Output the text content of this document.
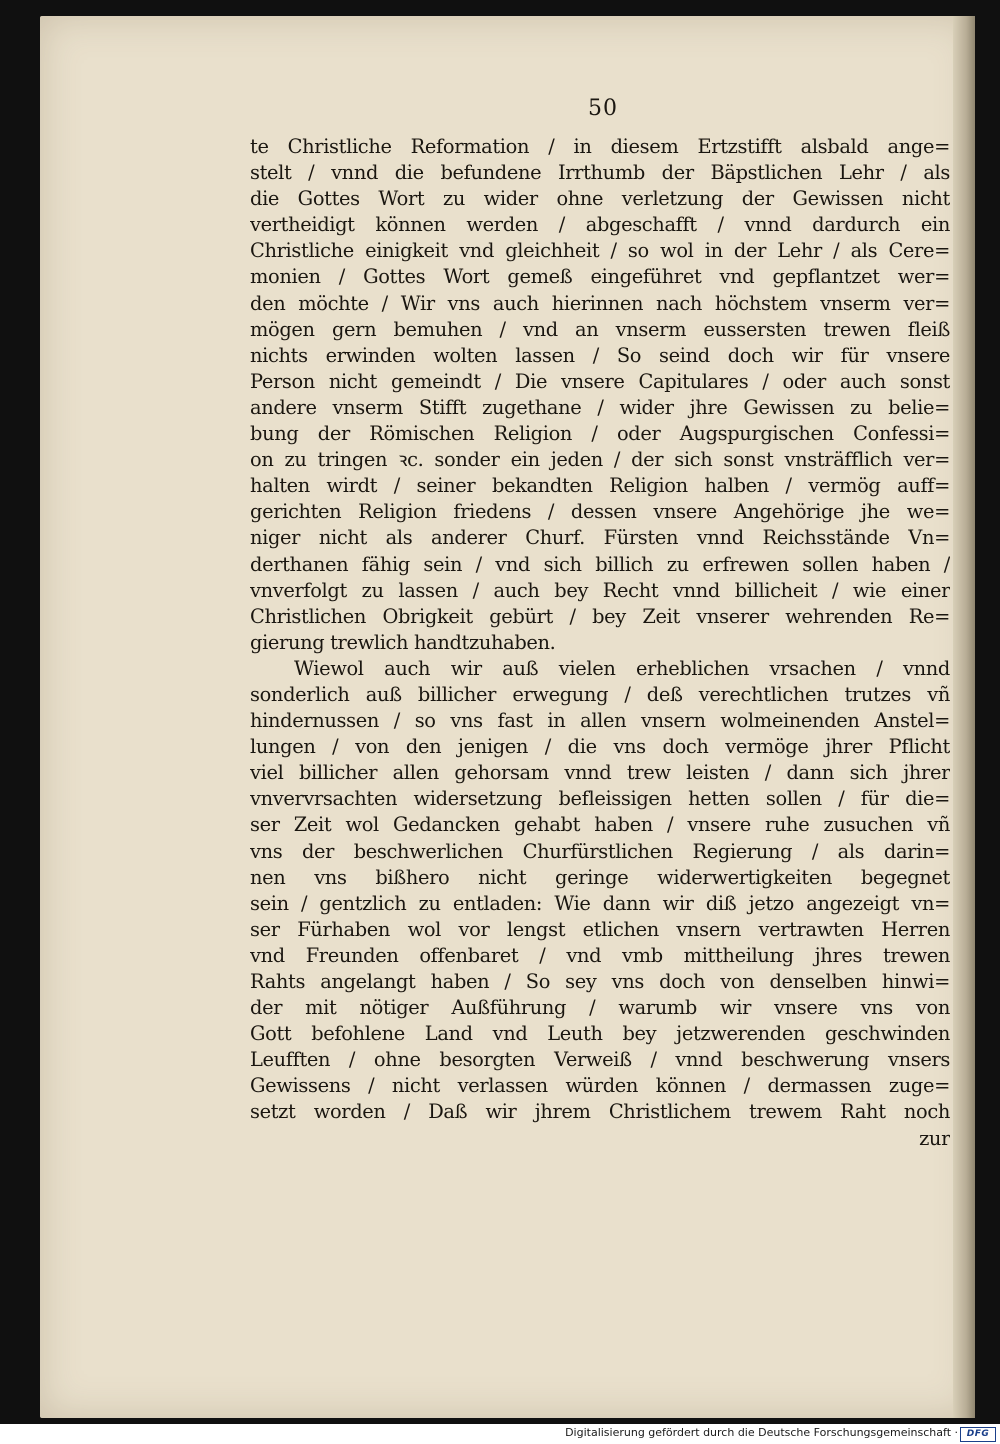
50
te Christliche Reformation / in diesem Ertzstifft alsbald ange=
stelt / vnnd die befundene Irrthumb der Bäpstlichen Lehr / als
die Gottes Wort zu wider ohne verletzung der Gewissen nicht
vertheidigt können werden / abgeschafft / vnnd dardurch ein
Christliche einigkeit vnd gleichheit / so wol in der Lehr / als Cere=
monien / Gottes Wort gemeß eingeführet vnd gepflantzet wer=
den möchte / Wir vns auch hierinnen nach höchstem vnserm ver=
mögen gern bemuhen / vnd an vnserm eussersten trewen fleiß
nichts erwinden wolten lassen / So seind doch wir für vnsere
Person nicht gemeindt / Die vnsere Capitulares / oder auch sonst
andere vnserm Stifft zugethane / wider jhre Gewissen zu belie=
bung der Römischen Religion / oder Augspurgischen Confessi=
on zu tringen ꝛc. sonder ein jeden / der sich sonst vnsträfflich ver=
halten wirdt / seiner bekandten Religion halben / vermög auff=
gerichten Religion friedens / dessen vnsere Angehörige jhe we=
niger nicht als anderer Churf. Fürsten vnnd Reichsstände Vn=
derthanen fähig sein / vnd sich billich zu erfrewen sollen haben /
vnverfolgt zu lassen / auch bey Recht vnnd billicheit / wie einer
Christlichen Obrigkeit gebürt / bey Zeit vnserer wehrenden Re=
gierung trewlich handtzuhaben.
Wiewol auch wir auß vielen erheblichen vrsachen / vnnd
sonderlich auß billicher erwegung / deß verechtlichen trutzes vñ
hindernussen / so vns fast in allen vnsern wolmeinenden Anstel=
lungen / von den jenigen / die vns doch vermöge jhrer Pflicht
viel billicher allen gehorsam vnnd trew leisten / dann sich jhrer
vnvervrsachten widersetzung befleissigen hetten sollen / für die=
ser Zeit wol Gedancken gehabt haben / vnsere ruhe zusuchen vñ
vns der beschwerlichen Churfürstlichen Regierung / als darin=
nen vns bißhero nicht geringe widerwertigkeiten begegnet
sein / gentzlich zu entladen: Wie dann wir diß jetzo angezeigt vn=
ser Fürhaben wol vor lengst etlichen vnsern vertrawten Herren
vnd Freunden offenbaret / vnd vmb mittheilung jhres trewen
Rahts angelangt haben / So sey vns doch von denselben hinwi=
der mit nötiger Außführung / warumb wir vnsere vns von
Gott befohlene Land vnd Leuth bey jetzwerenden geschwinden
Leufften / ohne besorgten Verweiß / vnnd beschwerung vnsers
Gewissens / nicht verlassen würden können / dermassen zuge=
setzt worden / Daß wir jhrem Christlichem trewem Raht noch
zur
Digitalisierung gefördert durch die Deutsche Forschungsgemeinschaft · DFG
